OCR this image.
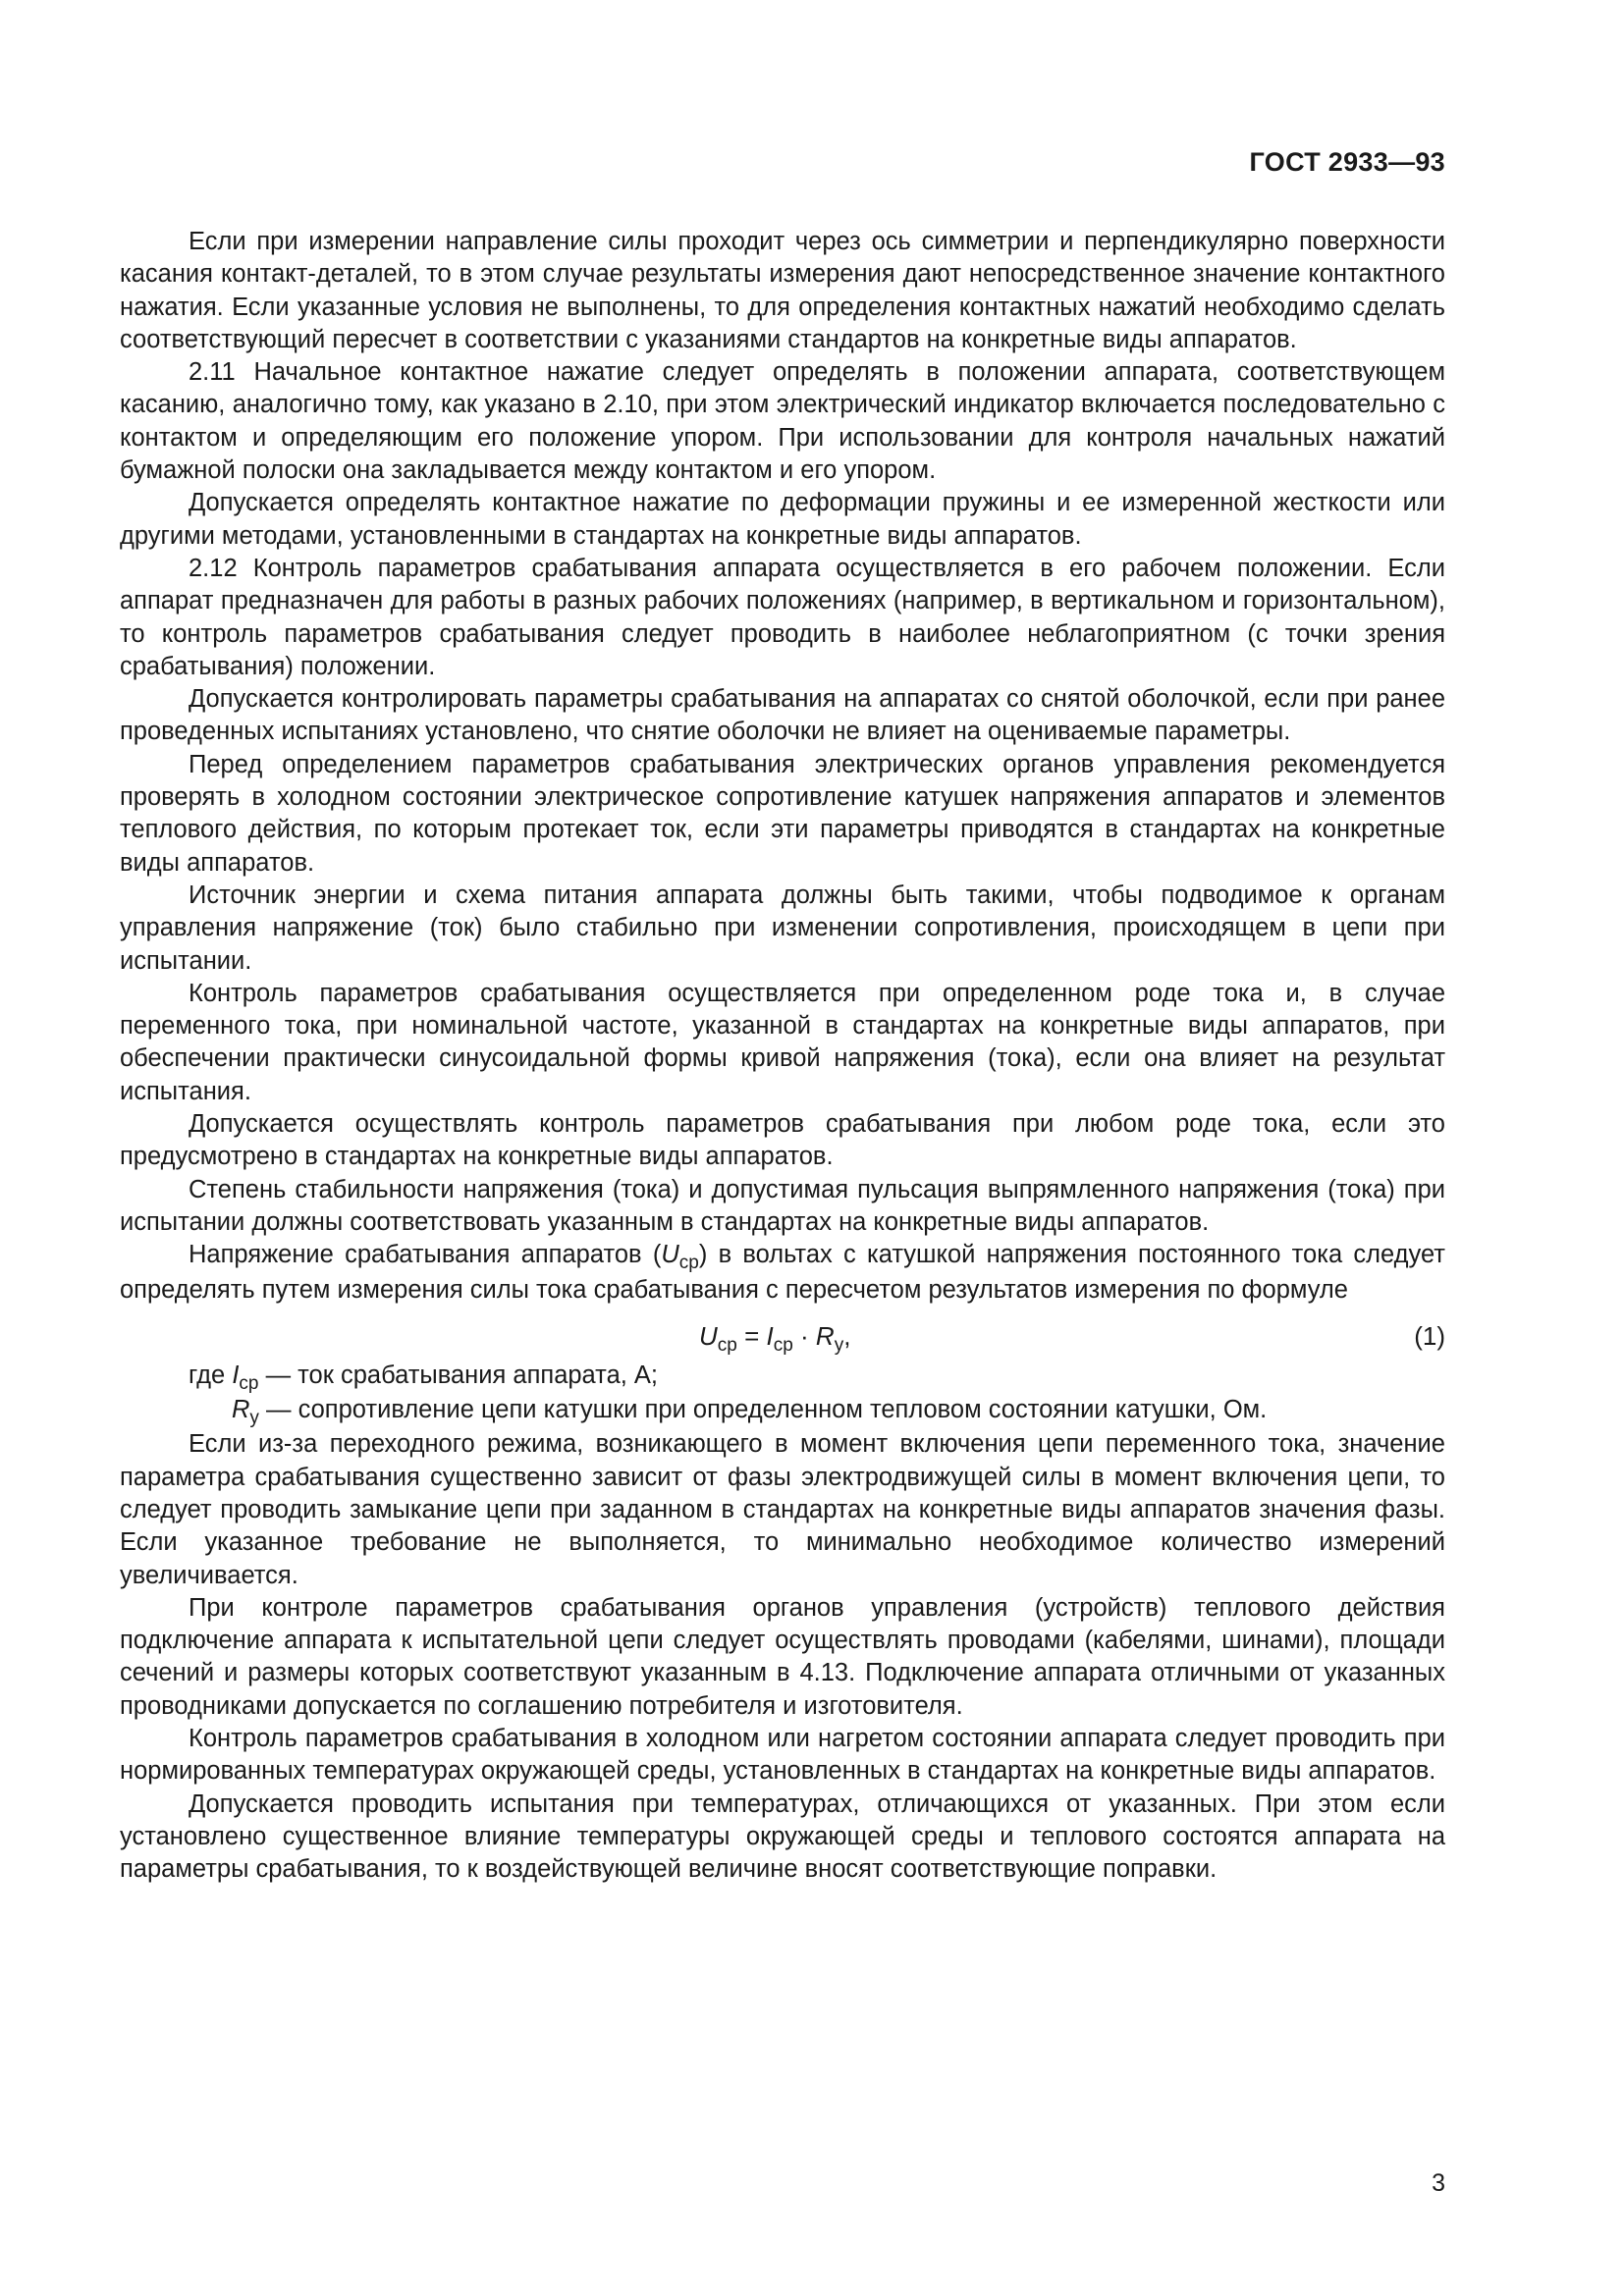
ГОСТ 2933—93

Если при измерении направление силы проходит через ось симметрии и перпендикулярно поверхности касания контакт-деталей, то в этом случае результаты измерения дают непосредственное значение контактного нажатия. Если указанные условия не выполнены, то для определения контактных нажатий необходимо сделать соответствующий пересчет в соответствии с указаниями стандартов на конкретные виды аппаратов.

2.11 Начальное контактное нажатие следует определять в положении аппарата, соответствующем касанию, аналогично тому, как указано в 2.10, при этом электрический индикатор включается последовательно с контактом и определяющим его положение упором. При использовании для контроля начальных нажатий бумажной полоски она закладывается между контактом и его упором.

Допускается определять контактное нажатие по деформации пружины и ее измеренной жесткости или другими методами, установленными в стандартах на конкретные виды аппаратов.

2.12 Контроль параметров срабатывания аппарата осуществляется в его рабочем положении. Если аппарат предназначен для работы в разных рабочих положениях (например, в вертикальном и горизонтальном), то контроль параметров срабатывания следует проводить в наиболее неблагоприятном (с точки зрения срабатывания) положении.

Допускается контролировать параметры срабатывания на аппаратах со снятой оболочкой, если при ранее проведенных испытаниях установлено, что снятие оболочки не влияет на оцениваемые параметры.

Перед определением параметров срабатывания электрических органов управления рекомендуется проверять в холодном состоянии электрическое сопротивление катушек напряжения аппаратов и элементов теплового действия, по которым протекает ток, если эти параметры приводятся в стандартах на конкретные виды аппаратов.

Источник энергии и схема питания аппарата должны быть такими, чтобы подводимое к органам управления напряжение (ток) было стабильно при изменении сопротивления, происходящем в цепи при испытании.

Контроль параметров срабатывания осуществляется при определенном роде тока и, в случае переменного тока, при номинальной частоте, указанной в стандартах на конкретные виды аппаратов, при обеспечении практически синусоидальной формы кривой напряжения (тока), если она влияет на результат испытания.

Допускается осуществлять контроль параметров срабатывания при любом роде тока, если это предусмотрено в стандартах на конкретные виды аппаратов.

Степень стабильности напряжения (тока) и допустимая пульсация выпрямленного напряжения (тока) при испытании должны соответствовать указанным в стандартах на конкретные виды аппаратов.

Напряжение срабатывания аппаратов $(U_{ср})$ в вольтах с катушкой напряжения постоянного тока следует определять путем измерения силы тока срабатывания с пересчетом результатов измерения по формуле

$U_{ср} = I_{ср} \cdot R_у$,	(1)

где $I_{ср}$ — ток срабатывания аппарата, А;

$R_у$ — сопротивление цепи катушки при определенном тепловом состоянии катушки, Ом.

Если из-за переходного режима, возникающего в момент включения цепи переменного тока, значение параметра срабатывания существенно зависит от фазы электродвижущей силы в момент включения цепи, то следует проводить замыкание цепи при заданном в стандартах на конкретные виды аппаратов значения фазы. Если указанное требование не выполняется, то минимально необходимое количество измерений увеличивается.

При контроле параметров срабатывания органов управления (устройств) теплового действия подключение аппарата к испытательной цепи следует осуществлять проводами (кабелями, шинами), площади сечений и размеры которых соответствуют указанным в 4.13. Подключение аппарата отличными от указанных проводниками допускается по соглашению потребителя и изготовителя.

Контроль параметров срабатывания в холодном или нагретом состоянии аппарата следует проводить при нормированных температурах окружающей среды, установленных в стандартах на конкретные виды аппаратов.

Допускается проводить испытания при температурах, отличающихся от указанных. При этом если установлено существенное влияние температуры окружающей среды и теплового состоятся аппарата на параметры срабатывания, то к воздействующей величине вносят соответствующие поправки.

3
